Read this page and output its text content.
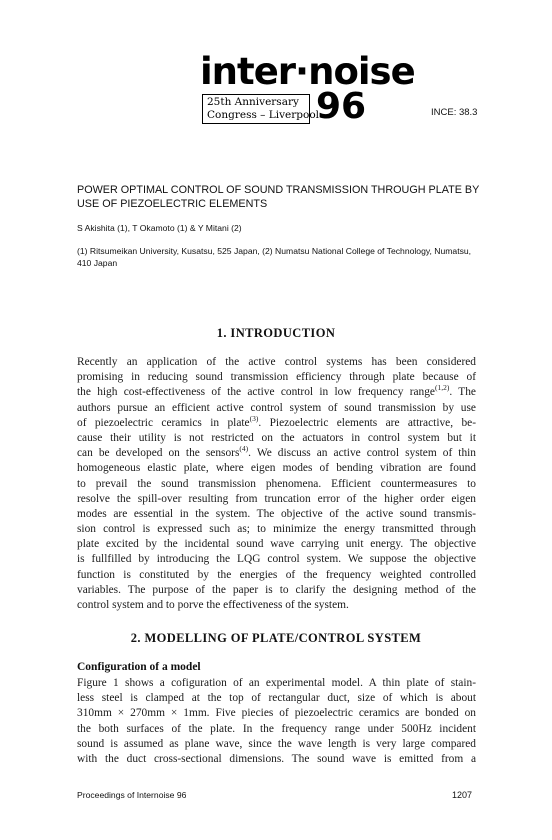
inter·noise
25th Anniversary
Congress – Liverpool
96	INCE: 38.3
POWER OPTIMAL CONTROL OF SOUND TRANSMISSION THROUGH PLATE BY USE OF PIEZOELECTRIC ELEMENTS
S Akishita (1), T Okamoto (1) & Y Mitani (2)
(1) Ritsumeikan University, Kusatsu, 525 Japan, (2) Numatsu National College of Technology, Numatsu, 410 Japan
1. INTRODUCTION
Recently an application of the active control systems has been considered
promising in reducing sound transmission efficiency through plate because of
the high cost-effectiveness of the active control in low frequency range$^{(1,2)}$. The
authors pursue an efficient active control system of sound transmission by use
of piezoelectric ceramics in plate$^{(3)}$. Piezoelectric elements are attractive, be-
cause their utility is not restricted on the actuators in control system but it
can be developed on the sensors$^{(4)}$. We discuss an active control system of thin
homogeneous elastic plate, where eigen modes of bending vibration are found
to prevail the sound transmission phenomena. Efficient countermeasures to
resolve the spill-over resulting from truncation error of the higher order eigen
modes are essential in the system. The objective of the active sound transmis-
sion control is expressed such as; to minimize the energy transmitted through
plate excited by the incidental sound wave carrying unit energy. The objective
is fullfilled by introducing the LQG control system. We suppose the objective
function is constituted by the energies of the frequency weighted controlled
variables. The purpose of the paper is to clarify the designing method of the
control system and to porve the effectiveness of the system.
2. MODELLING OF PLATE/CONTROL SYSTEM
Configuration of a model
Figure 1 shows a cofiguration of an experimental model. A thin plate of stain-
less steel is clamped at the top of rectangular duct, size of which is about
310mm × 270mm × 1mm. Five piecies of piezoelectric ceramics are bonded on
the both surfaces of the plate. In the frequency range under 500Hz incident
sound is assumed as plane wave, since the wave length is very large compared
with the duct cross-sectional dimensions. The sound wave is emitted from a
Proceedings of Internoise 96	1207
